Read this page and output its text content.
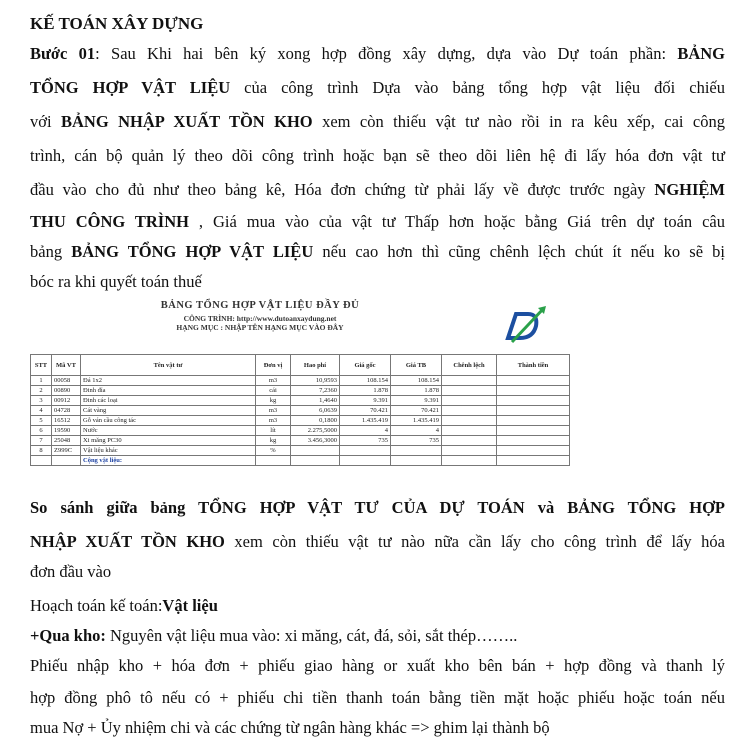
KẾ TOÁN XÂY DỰNG
Bước 01: Sau Khi hai bên ký xong hợp đồng xây dựng, dựa vào Dự toán phần: BẢNG
TỔNG HỢP VẬT LIỆU của công trình Dựa vào bảng tổng hợp vật liệu đối chiếu
với BẢNG NHẬP XUẤT TỒN KHO xem còn thiếu vật tư nào rồi in ra kêu xếp, cai công
trình, cán bộ quản lý theo dõi công trình hoặc bạn sẽ theo dõi liên hệ đi lấy hóa đơn vật tư
đầu vào cho đủ như theo bảng kê, Hóa đơn chứng từ phải lấy về được trước ngày NGHIỆM
THU CÔNG TRÌNH , Giá mua vào của vật tư Thấp hơn hoặc bằng Giá trên dự toán câu
bảng BẢNG TỔNG HỢP VẬT LIỆU nếu cao hơn thì cũng chênh lệch chút ít nếu ko sẽ bị
bóc ra khi quyết toán thuế
BẢNG TỔNG HỢP VẬT LIỆU ĐẦY ĐỦ
CÔNG TRÌNH: http://www.dutoanxaydung.net
HẠNG MỤC : NHẬP TÊN HẠNG MỤC VÀO ĐÂY
STT	Mã VT	Tên vật tư	Đơn vị	Hao phí	Giá gốc	Giá TB	Chênh lệch	Thành tiền
1	00058	Đá 1x2	m3	10,9593	108.154	108.154		
2	00890	Đinh đỉa	cái	7,2360	1.878	1.878		
3	00912	Đinh các loại	kg	1,4640	9.391	9.391		
4	04728	Cát vàng	m3	6,0639	70.421	70.421		
5	16512	Gỗ ván cầu công tác	m3	0,1800	1.435.419	1.435.419		
6	19590	Nước	lít	2.275,5000	4	4		
7	25048	Xi măng PC30	kg	3.456,3000	735	735		
8	Z999C	Vật liệu khác	%					
		Cộng vật liệu:						
So sánh giữa bảng TỔNG HỢP VẬT TƯ CỦA DỰ TOÁN và BẢNG TỔNG HỢP
NHẬP XUẤT TỒN KHO xem còn thiếu vật tư nào nữa cần lấy cho công trình để lấy hóa
đơn đầu vào
Hoạch toán kế toán:Vật liệu
+Qua kho: Nguyên vật liệu mua vào: xi măng, cát, đá, sỏi, sắt thép……..
Phiếu nhập kho + hóa đơn + phiếu giao hàng or xuất kho bên bán + hợp đồng và thanh lý
hợp đồng phô tô nếu có + phiếu chi tiền thanh toán bằng tiền mặt hoặc phiếu hoặc toán nếu
mua Nợ + Ủy nhiệm chi và các chứng từ ngân hàng khác => ghim lại thành bộ
